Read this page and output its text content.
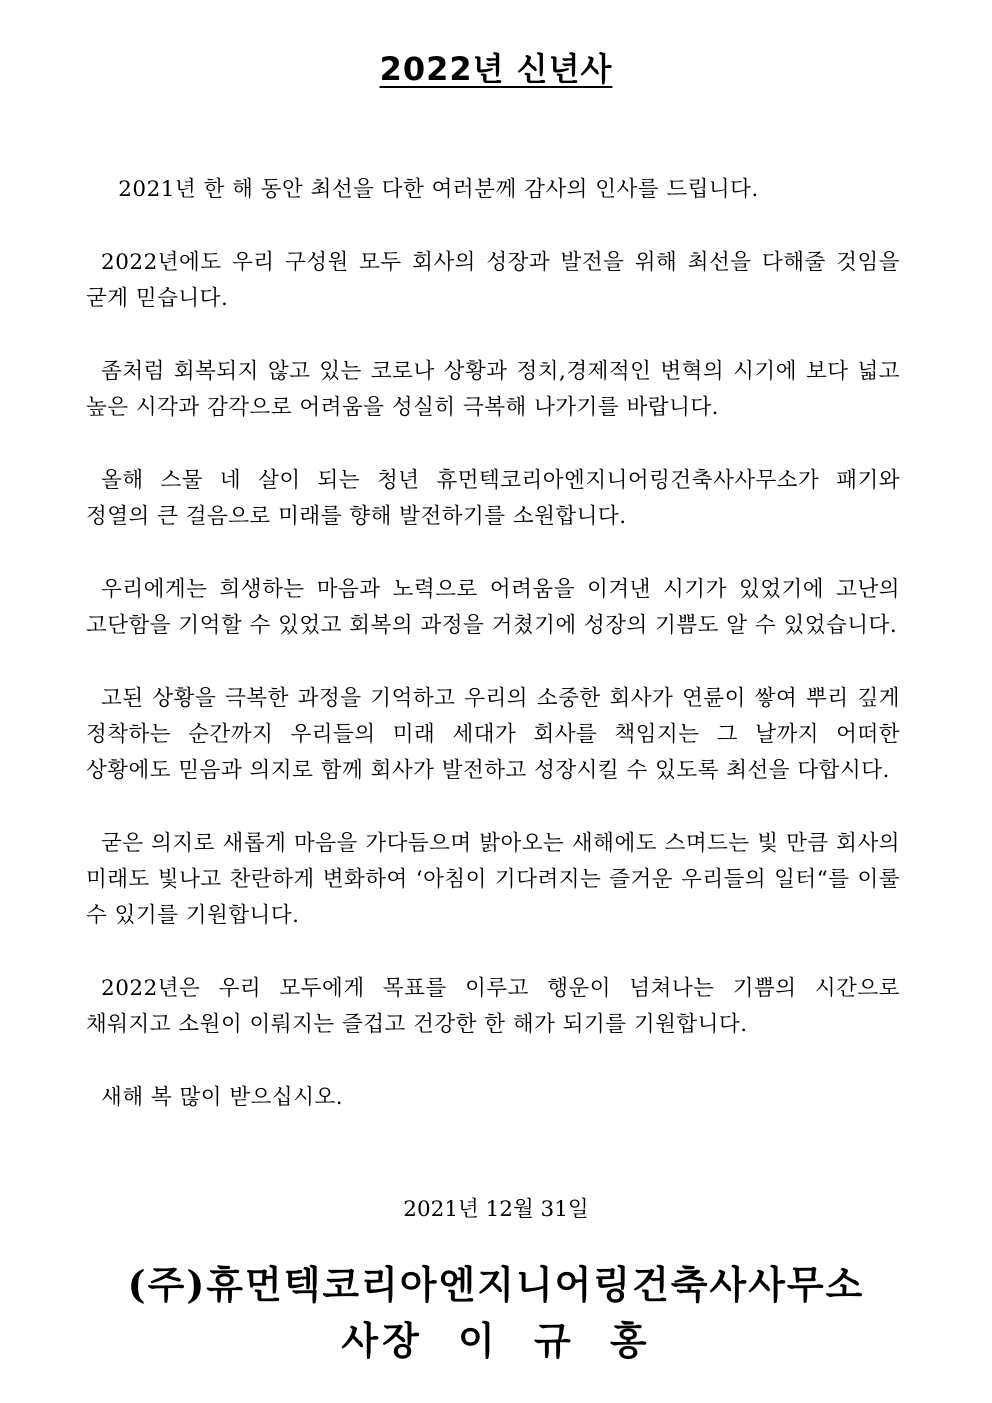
2022년 신년사

2021년 한 해 동안 최선을 다한 여러분께 감사의 인사를 드립니다.

2022년에도 우리 구성원 모두 회사의 성장과 발전을 위해 최선을 다해줄 것임을 굳게 믿습니다.

좀처럼 회복되지 않고 있는 코로나 상황과 정치,경제적인 변혁의 시기에 보다 넓고 높은 시각과 감각으로 어려움을 성실히 극복해 나가기를 바랍니다.

올해 스물 네 살이 되는 청년 휴먼텍코리아엔지니어링건축사사무소가 패기와 정열의 큰 걸음으로 미래를 향해 발전하기를 소원합니다.

우리에게는 희생하는 마음과 노력으로 어려움을 이겨낸 시기가 있었기에 고난의 고단함을 기억할 수 있었고 회복의 과정을 거쳤기에 성장의 기쁨도 알 수 있었습니다.

고된 상황을 극복한 과정을 기억하고 우리의 소중한 회사가 연륜이 쌓여 뿌리 깊게 정착하는 순간까지 우리들의 미래 세대가 회사를 책임지는 그 날까지 어떠한 상황에도 믿음과 의지로 함께 회사가 발전하고 성장시킬 수 있도록 최선을 다합시다.

굳은 의지로 새롭게 마음을 가다듬으며 밝아오는 새해에도 스며드는 빛 만큼 회사의 미래도 빛나고 찬란하게 변화하여 ‘아침이 기다려지는 즐거운 우리들의 일터“를 이룰 수 있기를 기원합니다.

2022년은 우리 모두에게 목표를 이루고 행운이 넘쳐나는 기쁨의 시간으로 채워지고 소원이 이뤄지는 즐겁고 건강한 한 해가 되기를 기원합니다.

새해 복 많이 받으십시오.

2021년 12월 31일
(주)휴먼텍코리아엔지니어링건축사사무소
사장 이 규 홍
